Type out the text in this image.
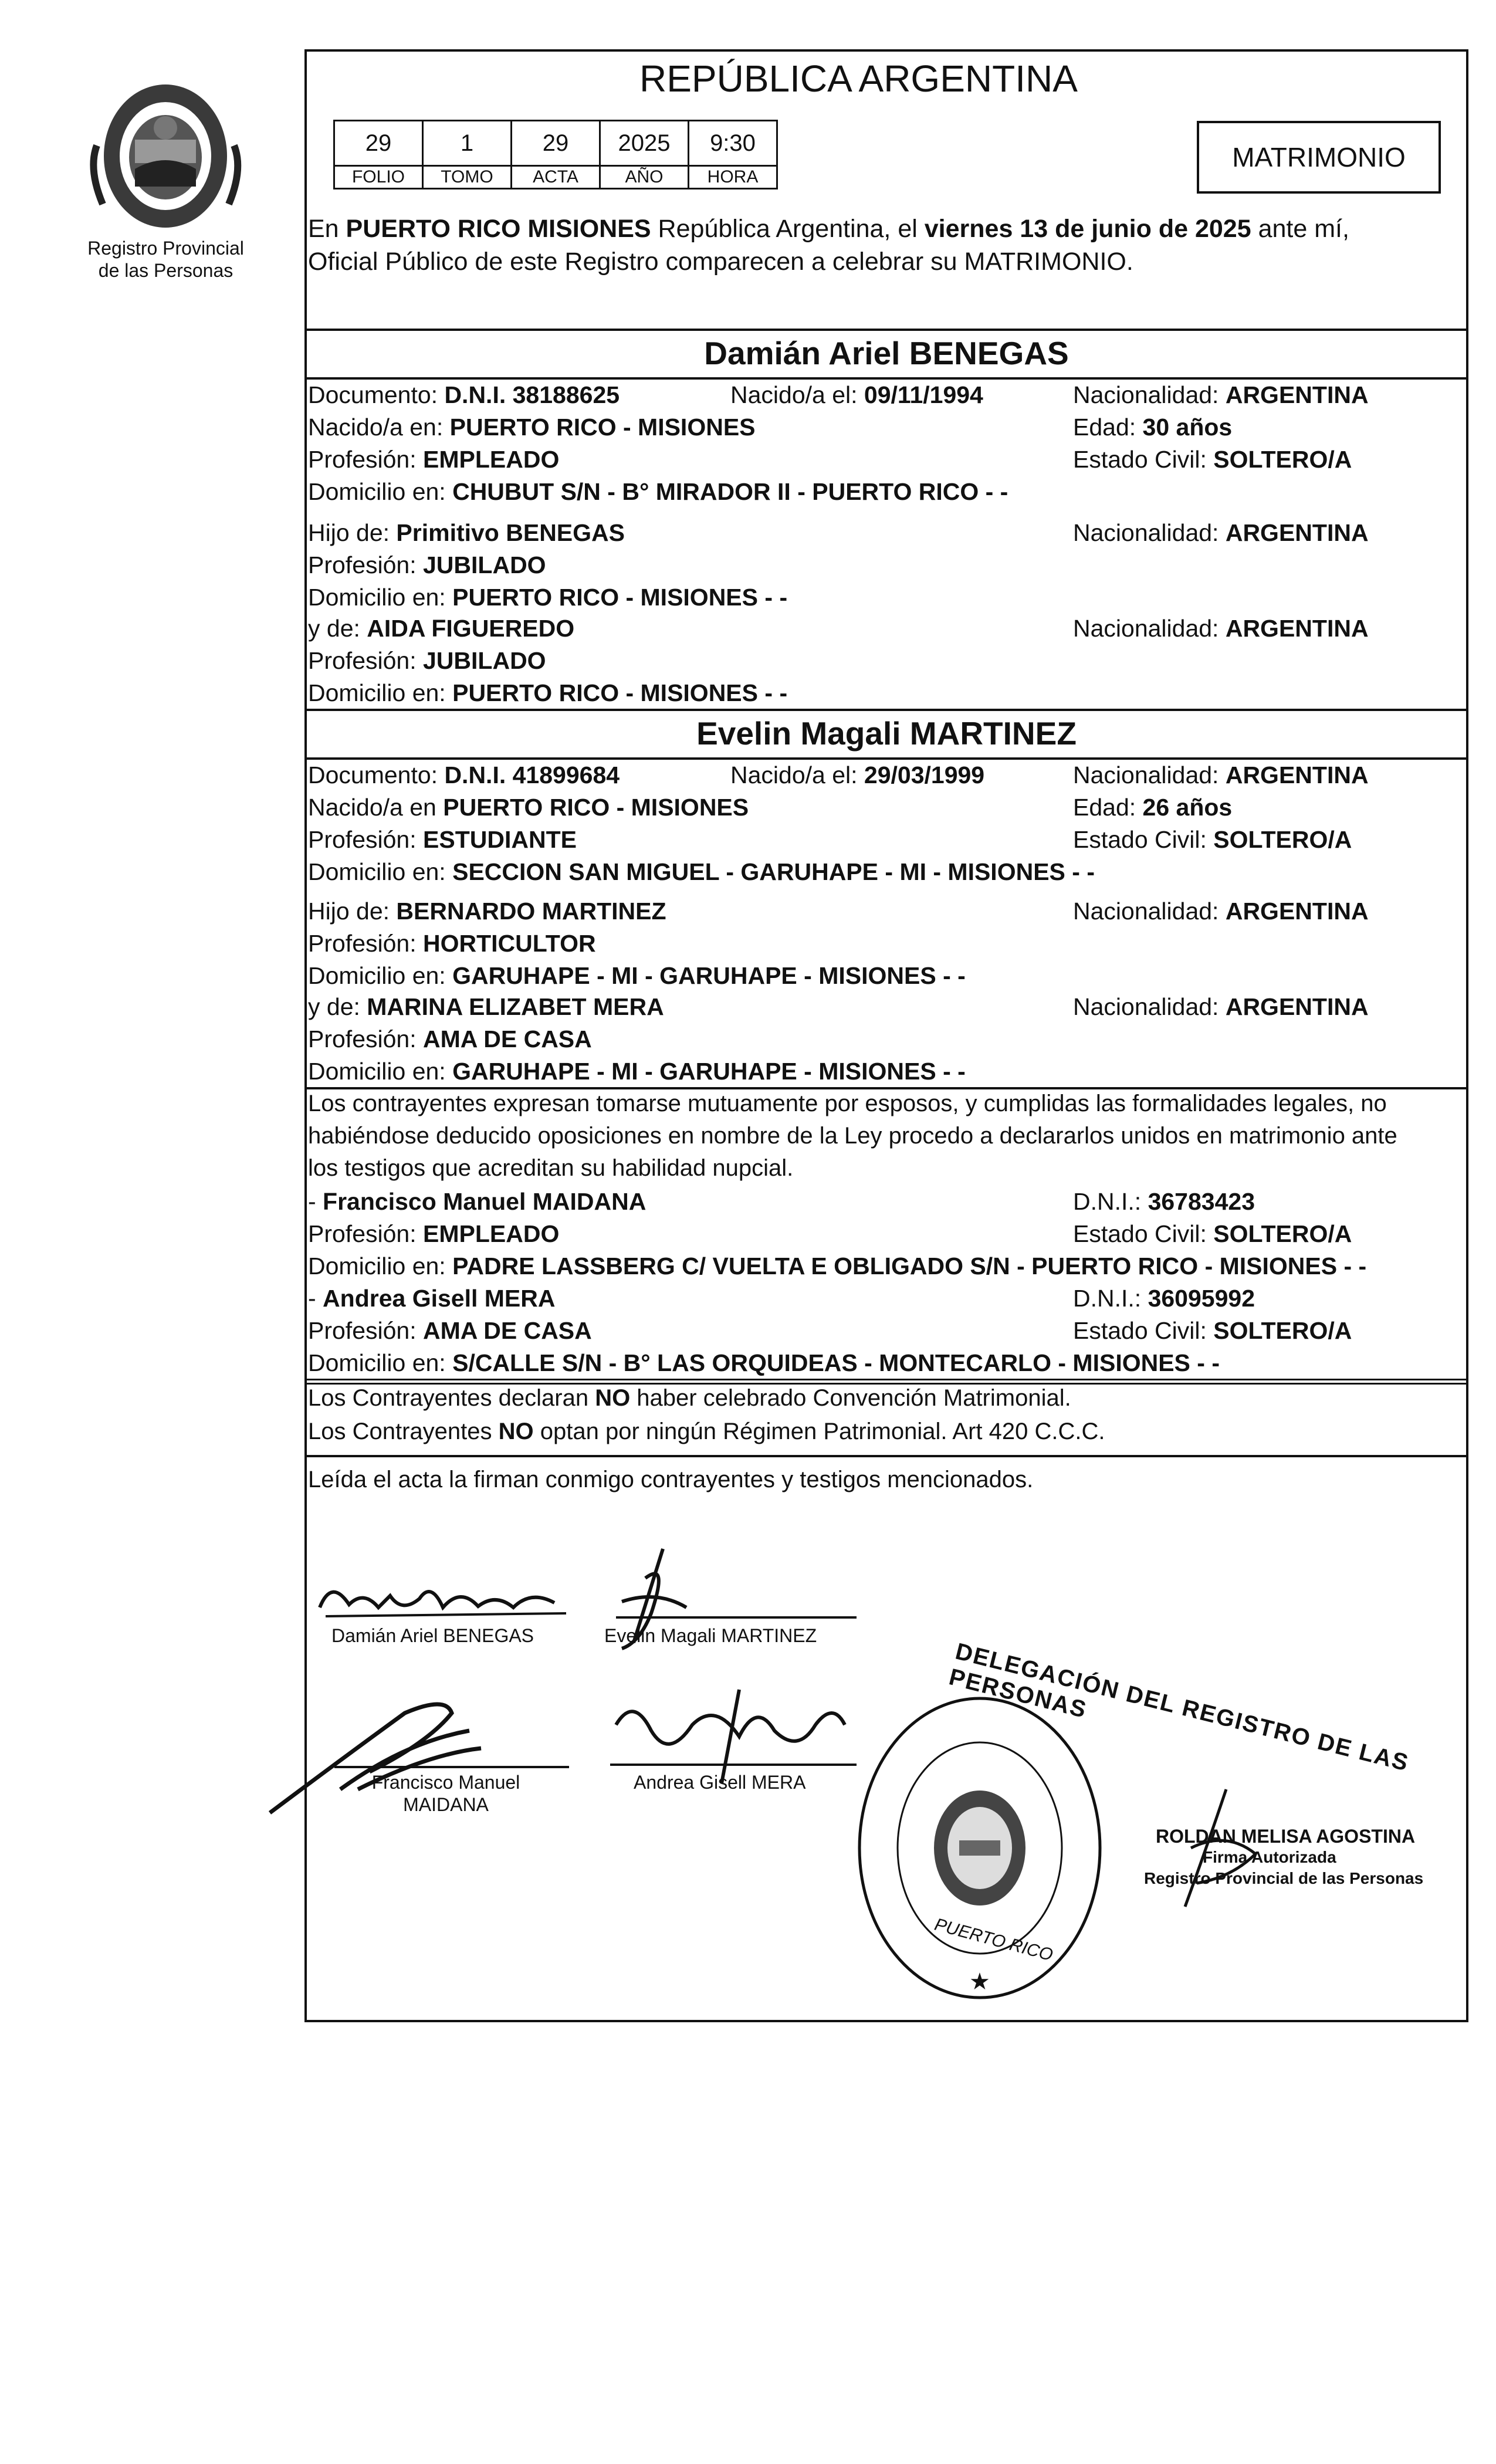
Registro Provincial
de las Personas
REPÚBLICA ARGENTINA
29	1	29	2025	9:30
FOLIO	TOMO	ACTA	AÑO	HORA
MATRIMONIO
En PUERTO RICO MISIONES República Argentina, el viernes 13 de junio de 2025 ante mí,
Oficial Público de este Registro comparecen a celebrar su MATRIMONIO.
Damián Ariel BENEGAS
Documento: D.N.I. 38188625	Nacido/a el: 09/11/1994	Nacionalidad: ARGENTINA
Nacido/a en: PUERTO RICO - MISIONES	Edad: 30 años
Profesión: EMPLEADO	Estado Civil: SOLTERO/A
Domicilio en: CHUBUT S/N - B° MIRADOR II - PUERTO RICO - -
Hijo de: Primitivo BENEGAS	Nacionalidad: ARGENTINA
Profesión: JUBILADO
Domicilio en: PUERTO RICO - MISIONES - -
y de: AIDA FIGUEREDO	Nacionalidad: ARGENTINA
Profesión: JUBILADO
Domicilio en: PUERTO RICO - MISIONES - -
Evelin Magali MARTINEZ
Documento: D.N.I. 41899684	Nacido/a el: 29/03/1999	Nacionalidad: ARGENTINA
Nacido/a en PUERTO RICO - MISIONES	Edad: 26 años
Profesión: ESTUDIANTE	Estado Civil: SOLTERO/A
Domicilio en: SECCION SAN MIGUEL - GARUHAPE - MI - MISIONES - -
Hijo de: BERNARDO MARTINEZ	Nacionalidad: ARGENTINA
Profesión: HORTICULTOR
Domicilio en: GARUHAPE - MI - GARUHAPE - MISIONES - -
y de: MARINA ELIZABET MERA	Nacionalidad: ARGENTINA
Profesión: AMA DE CASA
Domicilio en: GARUHAPE - MI - GARUHAPE - MISIONES - -
Los contrayentes expresan tomarse mutuamente por esposos, y cumplidas las formalidades legales, no
habiéndose deducido oposiciones en nombre de la Ley procedo a declararlos unidos en matrimonio ante
los testigos que acreditan su habilidad nupcial.
- Francisco Manuel MAIDANA	D.N.I.: 36783423
Profesión: EMPLEADO	Estado Civil: SOLTERO/A
Domicilio en: PADRE LASSBERG C/ VUELTA E OBLIGADO S/N - PUERTO RICO - MISIONES - -
- Andrea Gisell MERA	D.N.I.: 36095992
Profesión: AMA DE CASA	Estado Civil: SOLTERO/A
Domicilio en: S/CALLE S/N - B° LAS ORQUIDEAS - MONTECARLO - MISIONES - -
Los Contrayentes declaran NO haber celebrado Convención Matrimonial.
Los Contrayentes NO optan por ningún Régimen Patrimonial. Art 420 C.C.C.
Leída el acta la firman conmigo contrayentes y testigos mencionados.
Damián Ariel BENEGAS	Evelin Magali MARTINEZ
Francisco Manuel
MAIDANA
Andrea Gisell MERA
DELEGACIÓN DEL REGISTRO DE LAS PERSONAS
PUERTO RICO
★
ROLDAN MELISA AGOSTINA
Firma Autorizada
Registro Provincial de las Personas
